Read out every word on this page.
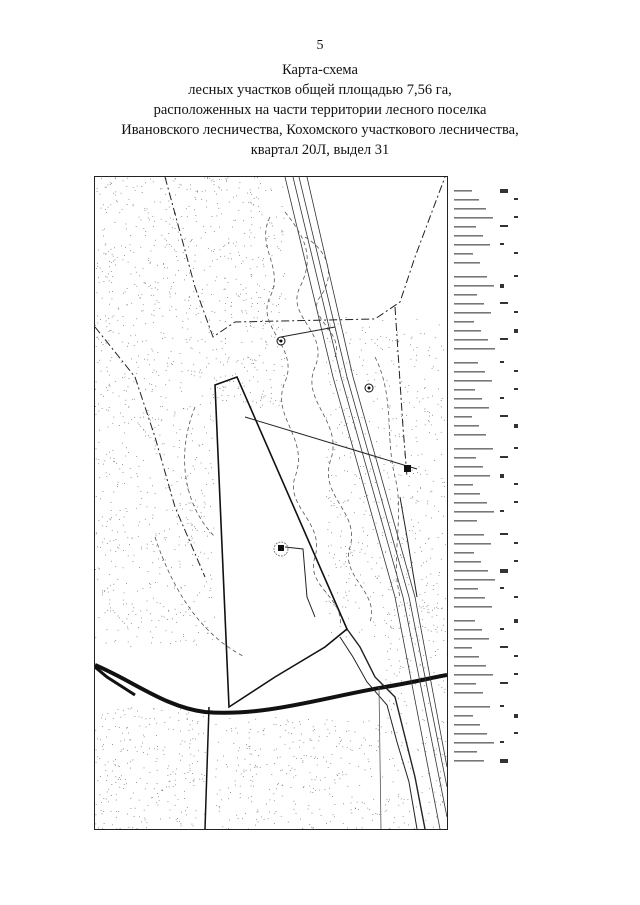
5
Карта-схема
лесных участков общей площадью 7,56 га,
расположенных на части территории лесного поселка
Ивановского лесничества, Кохомского участкового лесничества,
квартал 20Л, выдел 31
